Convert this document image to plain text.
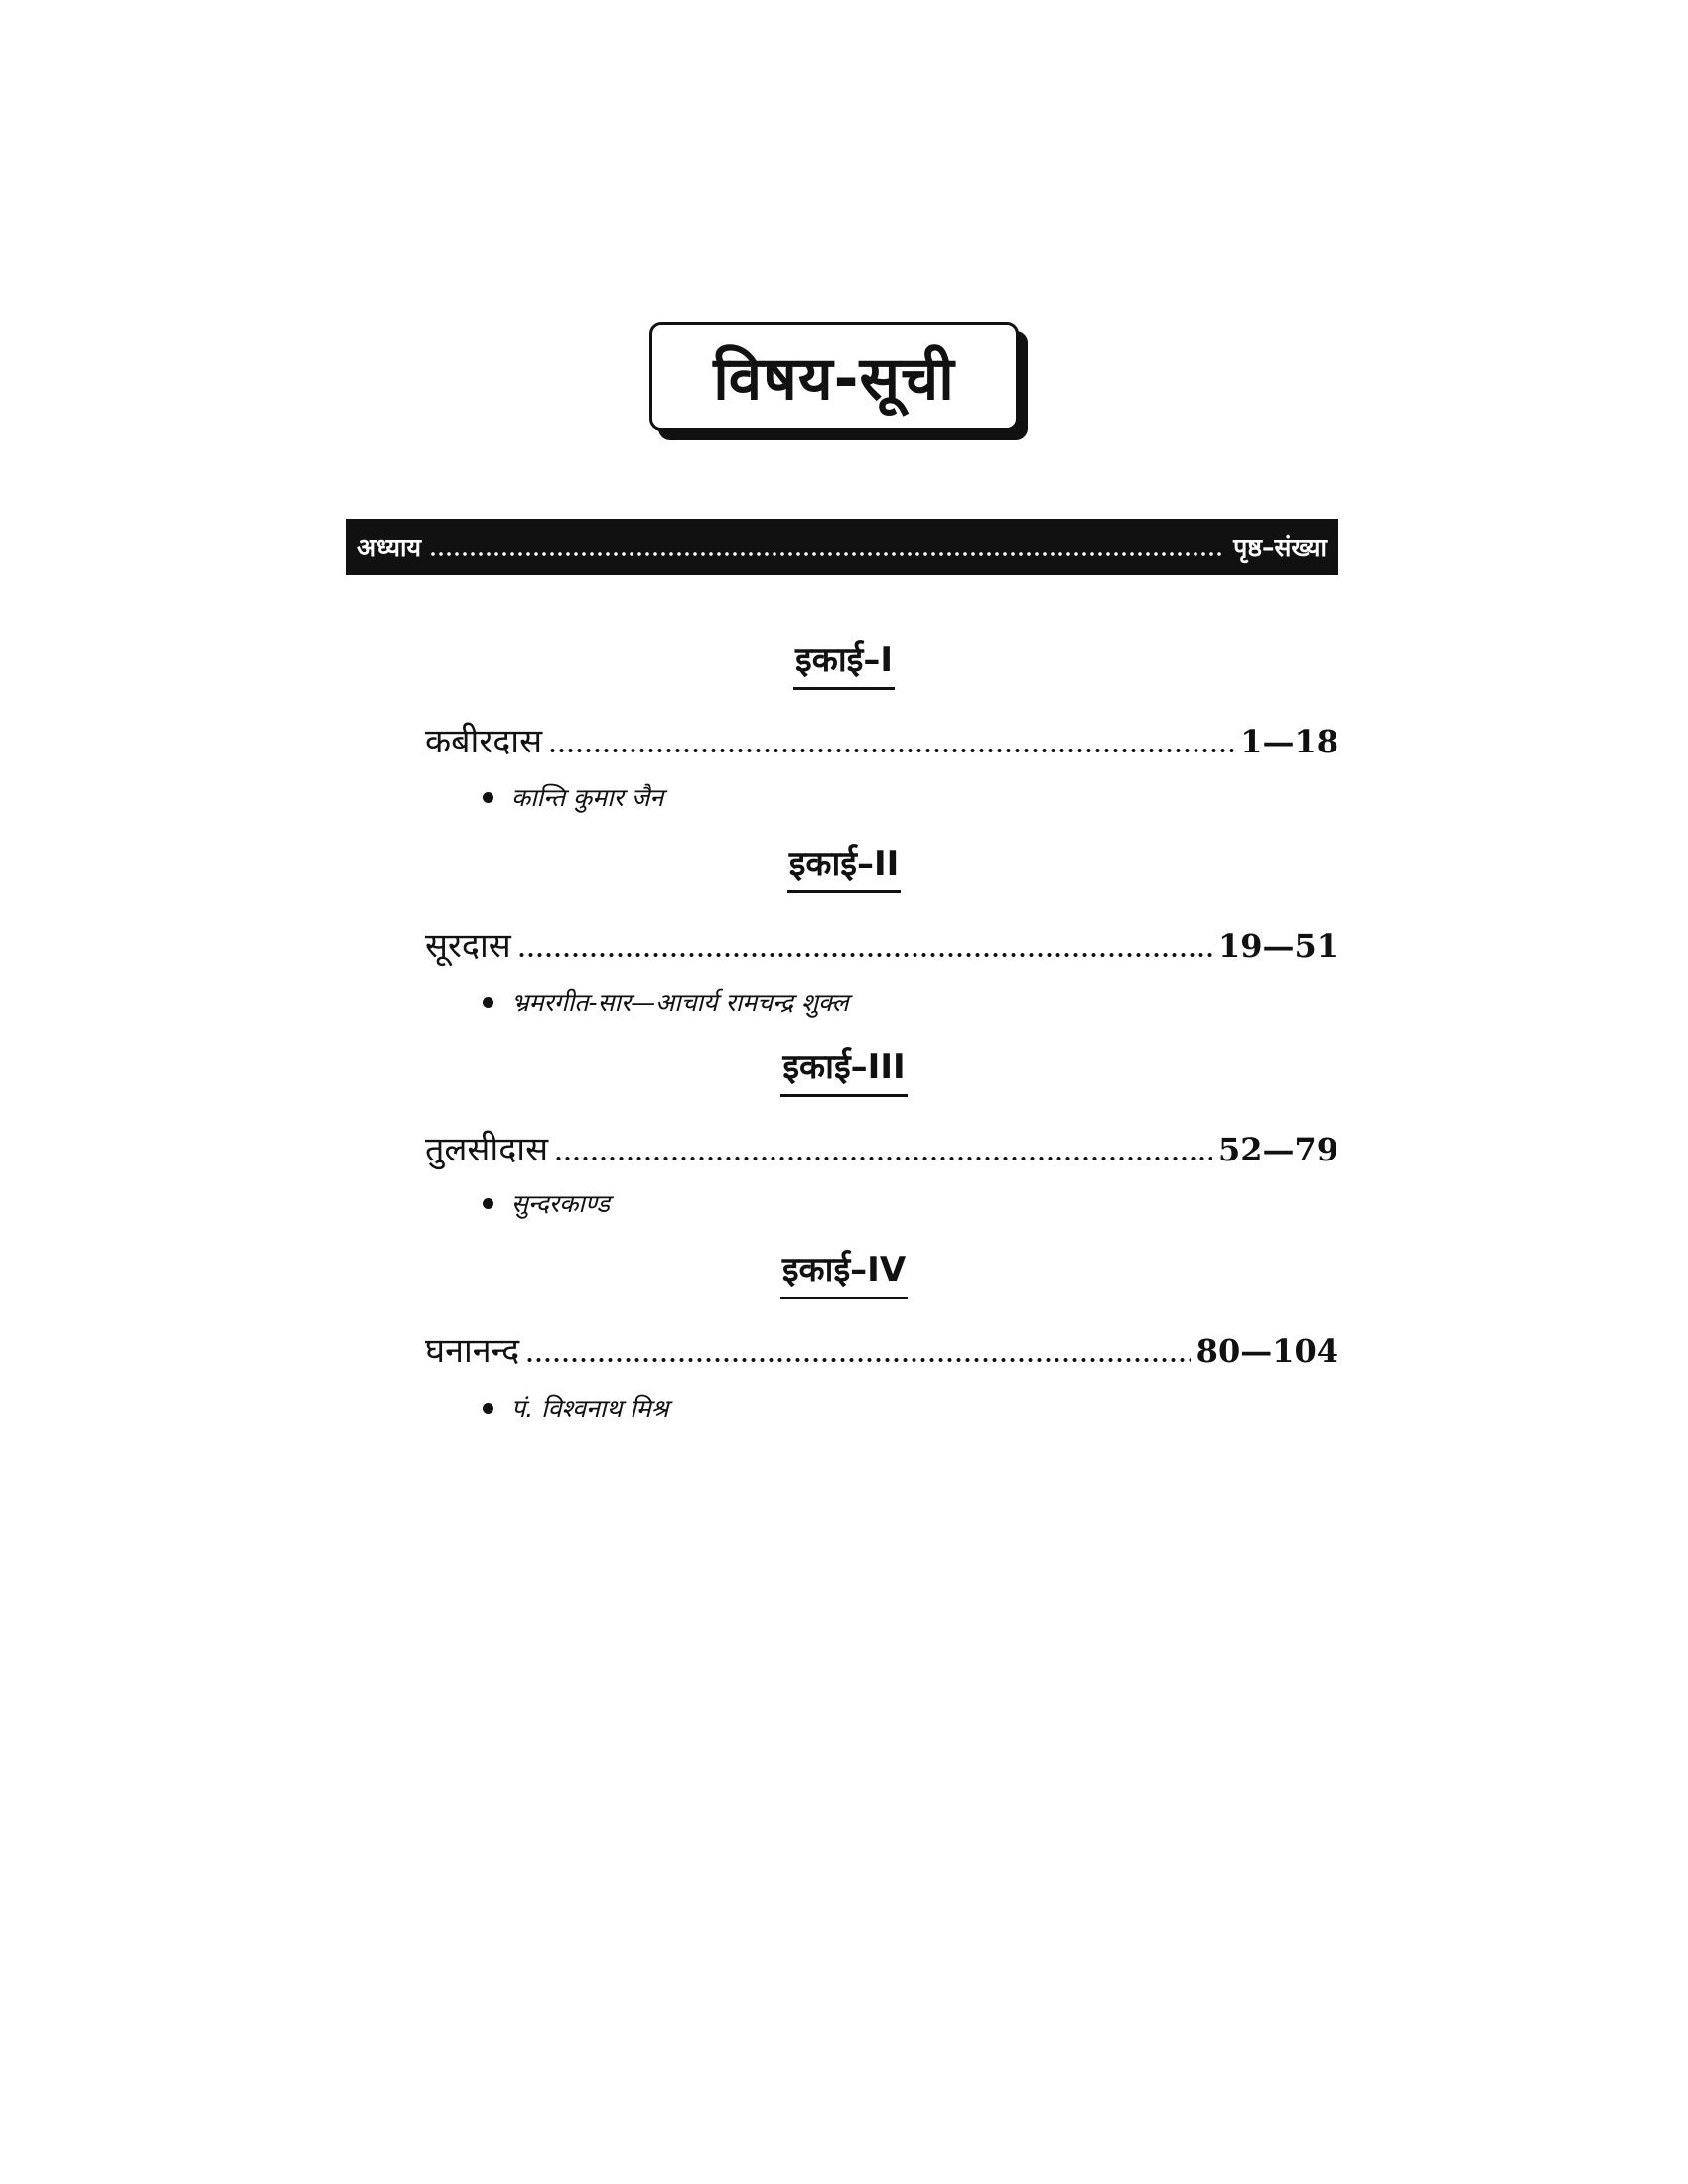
विषय-सूची
अध्याय	पृष्ठ–संख्या
इकाई–I
कबीरदास	1—18
कान्ति कुमार जैन
इकाई–II
सूरदास	19—51
भ्रमरगीत-सार—आचार्य रामचन्द्र शुक्ल
इकाई–III
तुलसीदास	52—79
सुन्दरकाण्ड
इकाई–IV
घनानन्द	80—104
पं. विश्वनाथ मिश्र
